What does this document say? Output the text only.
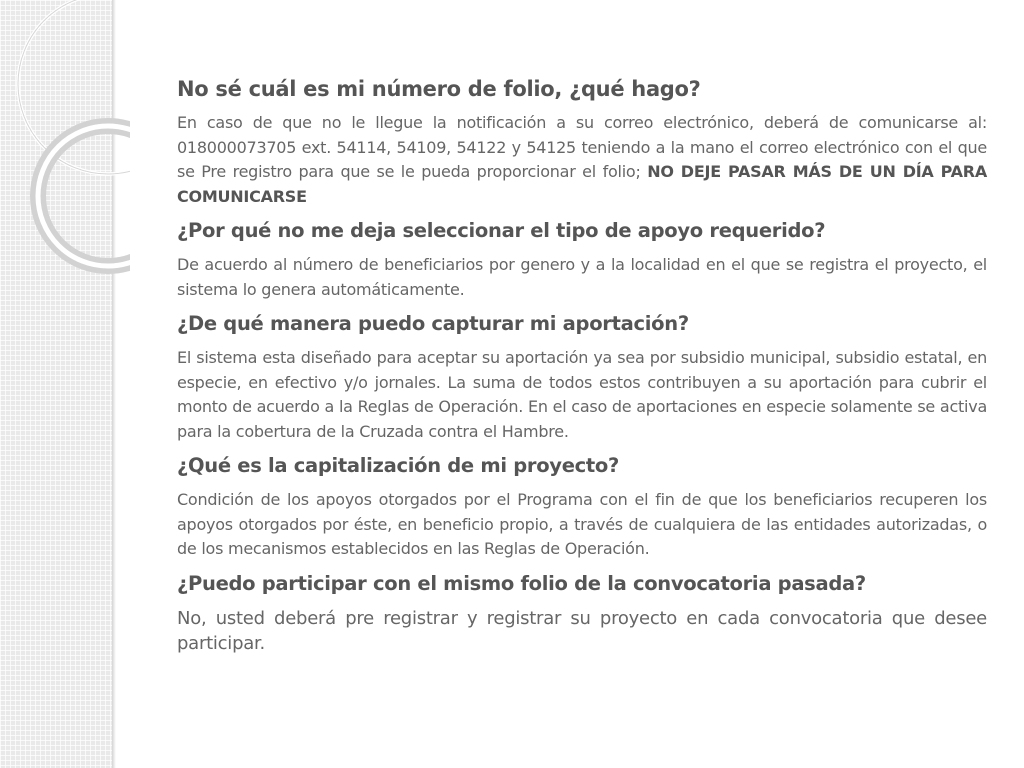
No sé cuál es mi número de folio, ¿qué hago?
En caso de que no le llegue la notificación a su correo electrónico, deberá de comunicarse al: 018000073705 ext. 54114, 54109, 54122 y 54125 teniendo a la mano el correo electrónico con el que se Pre registro para que se le pueda proporcionar el folio; NO DEJE PASAR MÁS DE UN DÍA PARA COMUNICARSE
¿Por qué no me deja seleccionar el tipo de apoyo requerido?
De acuerdo al número de beneficiarios por genero y a la localidad en el que se registra el proyecto, el sistema lo genera automáticamente.
¿De qué manera puedo capturar mi aportación?
El sistema esta diseñado para aceptar su aportación ya sea por subsidio municipal, subsidio estatal, en especie, en efectivo y/o jornales. La suma de todos estos contribuyen a su aportación para cubrir el monto de acuerdo a la Reglas de Operación. En el caso de aportaciones en especie solamente se activa para la cobertura de la Cruzada contra el Hambre.
¿Qué es la capitalización de mi proyecto?
Condición de los apoyos otorgados por el Programa con el fin de que los beneficiarios recuperen los apoyos otorgados por éste, en beneficio propio, a través de cualquiera de las entidades autorizadas, o de los mecanismos establecidos en las Reglas de Operación.
¿Puedo participar con el mismo folio de la convocatoria pasada?
No, usted deberá pre registrar y registrar su proyecto en cada convocatoria que desee participar.
